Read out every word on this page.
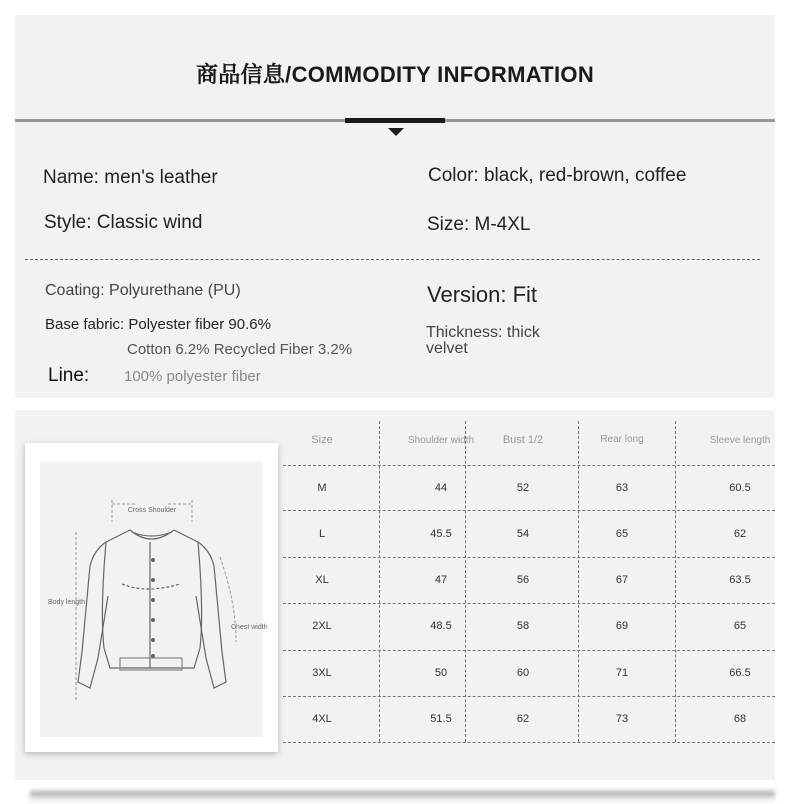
商品信息/COMMODITY INFORMATION
Name: men's leather	Color: black, red-brown, coffee
Style: Classic wind	Size: M-4XL
Coating: Polyurethane (PU)	Version: Fit
Base fabric: Polyester fiber 90.6%
Cotton 6.2% Recycled Fiber 3.2%
Thickness: thick
velvet
Line: 100% polyester fiber
Cross Shoulder
Body length
Chest width
Size	Shoulder width	Bust 1/2	Rear long	Sleeve length
M	44	52	63	60.5
L	45.5	54	65	62
XL	47	56	67	63.5
2XL	48.5	58	69	65
3XL	50	60	71	66.5
4XL	51.5	62	73	68
